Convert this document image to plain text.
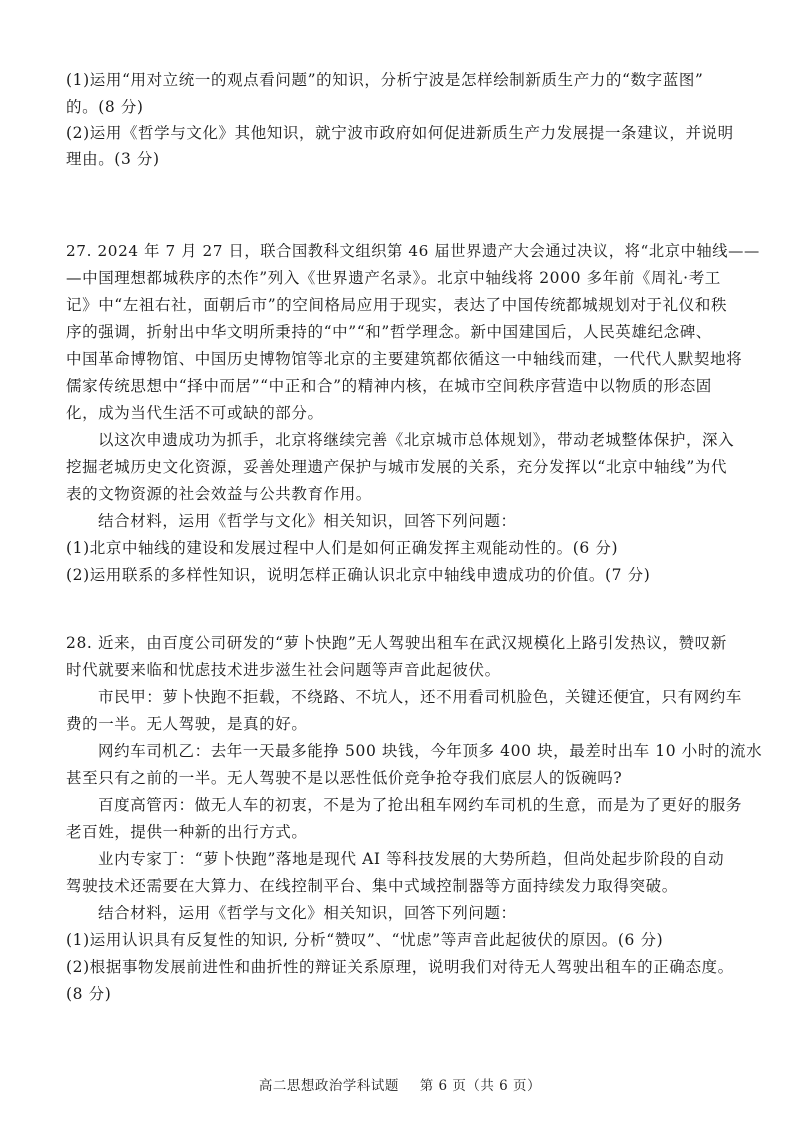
(1)运用“用对立统一的观点看问题”的知识，分析宁波是怎样绘制新质生产力的“数字蓝图”
的。(8 分)
(2)运用《哲学与文化》其他知识，就宁波市政府如何促进新质生产力发展提一条建议，并说明
理由。(3 分)
27. 2024 年 7 月 27 日，联合国教科文组织第 46 届世界遗产大会通过决议，将“北京中轴线——
—中国理想都城秩序的杰作”列入《世界遗产名录》。北京中轴线将 2000 多年前《周礼·考工
记》中“左祖右社，面朝后市”的空间格局应用于现实，表达了中国传统都城规划对于礼仪和秩
序的强调，折射出中华文明所秉持的“中”“和”哲学理念。新中国建国后，人民英雄纪念碑、
中国革命博物馆、中国历史博物馆等北京的主要建筑都依循这一中轴线而建，一代代人默契地将
儒家传统思想中“择中而居”“中正和合”的精神内核，在城市空间秩序营造中以物质的形态固
化，成为当代生活不可或缺的部分。
以这次申遗成功为抓手，北京将继续完善《北京城市总体规划》，带动老城整体保护，深入
挖掘老城历史文化资源，妥善处理遗产保护与城市发展的关系，充分发挥以“北京中轴线”为代
表的文物资源的社会效益与公共教育作用。
结合材料，运用《哲学与文化》相关知识，回答下列问题：
(1)北京中轴线的建设和发展过程中人们是如何正确发挥主观能动性的。(6 分)
(2)运用联系的多样性知识，说明怎样正确认识北京中轴线申遗成功的价值。(7 分)
28. 近来，由百度公司研发的“萝卜快跑”无人驾驶出租车在武汉规模化上路引发热议，赞叹新
时代就要来临和忧虑技术进步滋生社会问题等声音此起彼伏。
市民甲：萝卜快跑不拒载，不绕路、不坑人，还不用看司机脸色，关键还便宜，只有网约车
费的一半。无人驾驶，是真的好。
网约车司机乙：去年一天最多能挣 500 块钱，今年顶多 400 块，最差时出车 10 小时的流水
甚至只有之前的一半。无人驾驶不是以恶性低价竞争抢夺我们底层人的饭碗吗?
百度高管丙：做无人车的初衷，不是为了抢出租车网约车司机的生意，而是为了更好的服务
老百姓，提供一种新的出行方式。
业内专家丁：“萝卜快跑”落地是现代 AI 等科技发展的大势所趋，但尚处起步阶段的自动
驾驶技术还需要在大算力、在线控制平台、集中式域控制器等方面持续发力取得突破。
结合材料，运用《哲学与文化》相关知识，回答下列问题：
(1)运用认识具有反复性的知识, 分析“赞叹”、“忧虑”等声音此起彼伏的原因。(6 分)
(2)根据事物发展前进性和曲折性的辩证关系原理，说明我们对待无人驾驶出租车的正确态度。
(8 分)
高二思想政治学科试题 第 6 页（共 6 页）
